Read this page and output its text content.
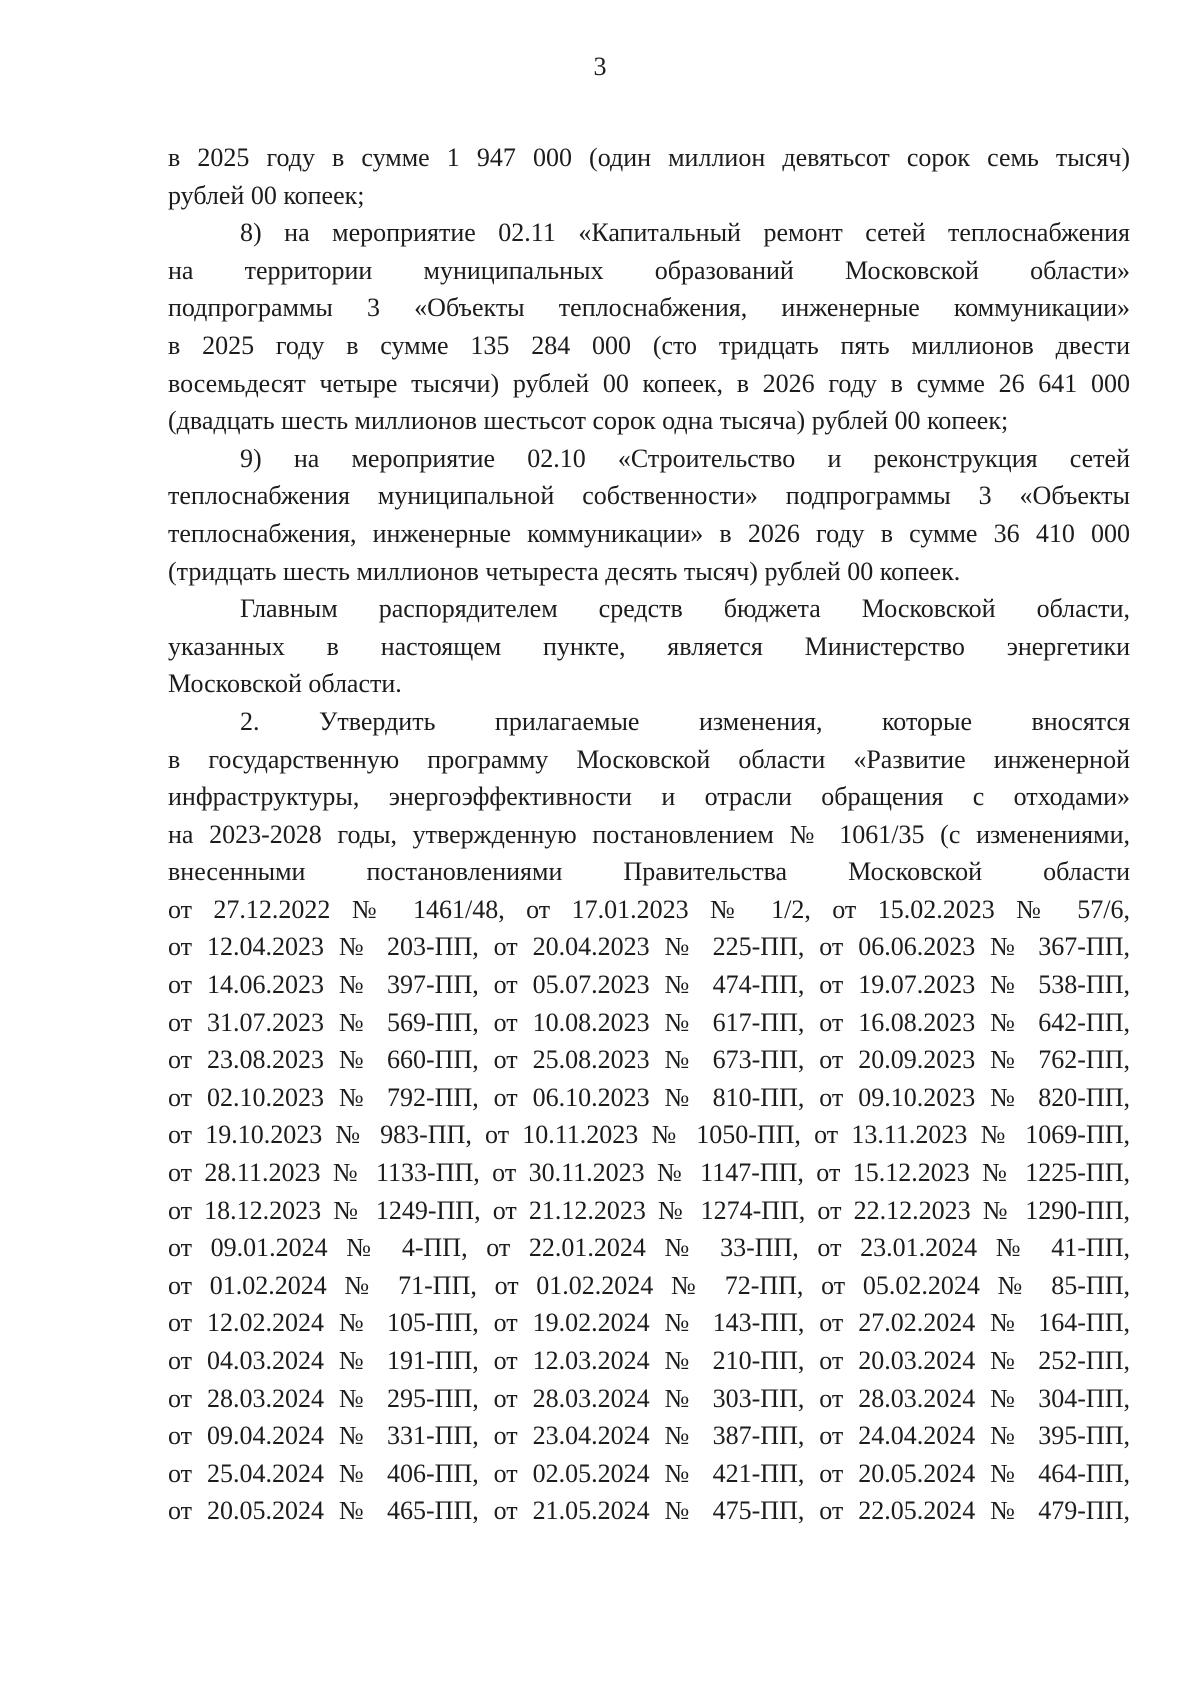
3
в 2025 году в сумме 1 947 000 (один миллион девятьсот сорок семь тысяч)
рублей 00 копеек;
8) на мероприятие 02.11 «Капитальный ремонт сетей теплоснабжения
на территории муниципальных образований Московской области»
подпрограммы 3 «Объекты теплоснабжения, инженерные коммуникации»
в 2025 году в сумме 135 284 000 (сто тридцать пять миллионов двести
восемьдесят четыре тысячи) рублей 00 копеек, в 2026 году в сумме 26 641 000
(двадцать шесть миллионов шестьсот сорок одна тысяча) рублей 00 копеек;
9) на мероприятие 02.10 «Строительство и реконструкция сетей
теплоснабжения муниципальной собственности» подпрограммы 3 «Объекты
теплоснабжения, инженерные коммуникации» в 2026 году в сумме 36 410 000
(тридцать шесть миллионов четыреста десять тысяч) рублей 00 копеек.
Главным распорядителем средств бюджета Московской области,
указанных в настоящем пункте, является Министерство энергетики
Московской области.
2. Утвердить прилагаемые изменения, которые вносятся
в государственную программу Московской области «Развитие инженерной
инфраструктуры, энергоэффективности и отрасли обращения с отходами»
на 2023-2028 годы, утвержденную постановлением № 1061/35 (с изменениями,
внесенными постановлениями Правительства Московской области
от 27.12.2022 № 1461/48, от 17.01.2023 № 1/2, от 15.02.2023 № 57/6,
от 12.04.2023 № 203-ПП, от 20.04.2023 № 225-ПП, от 06.06.2023 № 367-ПП,
от 14.06.2023 № 397-ПП, от 05.07.2023 № 474-ПП, от 19.07.2023 № 538-ПП,
от 31.07.2023 № 569-ПП, от 10.08.2023 № 617-ПП, от 16.08.2023 № 642-ПП,
от 23.08.2023 № 660-ПП, от 25.08.2023 № 673-ПП, от 20.09.2023 № 762-ПП,
от 02.10.2023 № 792-ПП, от 06.10.2023 № 810-ПП, от 09.10.2023 № 820-ПП,
от 19.10.2023 № 983-ПП, от 10.11.2023 № 1050-ПП, от 13.11.2023 № 1069-ПП,
от 28.11.2023 № 1133-ПП, от 30.11.2023 № 1147-ПП, от 15.12.2023 № 1225-ПП,
от 18.12.2023 № 1249-ПП, от 21.12.2023 № 1274-ПП, от 22.12.2023 № 1290-ПП,
от 09.01.2024 № 4-ПП, от 22.01.2024 № 33-ПП, от 23.01.2024 № 41-ПП,
от 01.02.2024 № 71-ПП, от 01.02.2024 № 72-ПП, от 05.02.2024 № 85-ПП,
от 12.02.2024 № 105-ПП, от 19.02.2024 № 143-ПП, от 27.02.2024 № 164-ПП,
от 04.03.2024 № 191-ПП, от 12.03.2024 № 210-ПП, от 20.03.2024 № 252-ПП,
от 28.03.2024 № 295-ПП, от 28.03.2024 № 303-ПП, от 28.03.2024 № 304-ПП,
от 09.04.2024 № 331-ПП, от 23.04.2024 № 387-ПП, от 24.04.2024 № 395-ПП,
от 25.04.2024 № 406-ПП, от 02.05.2024 № 421-ПП, от 20.05.2024 № 464-ПП,
от 20.05.2024 № 465-ПП, от 21.05.2024 № 475-ПП, от 22.05.2024 № 479-ПП,
